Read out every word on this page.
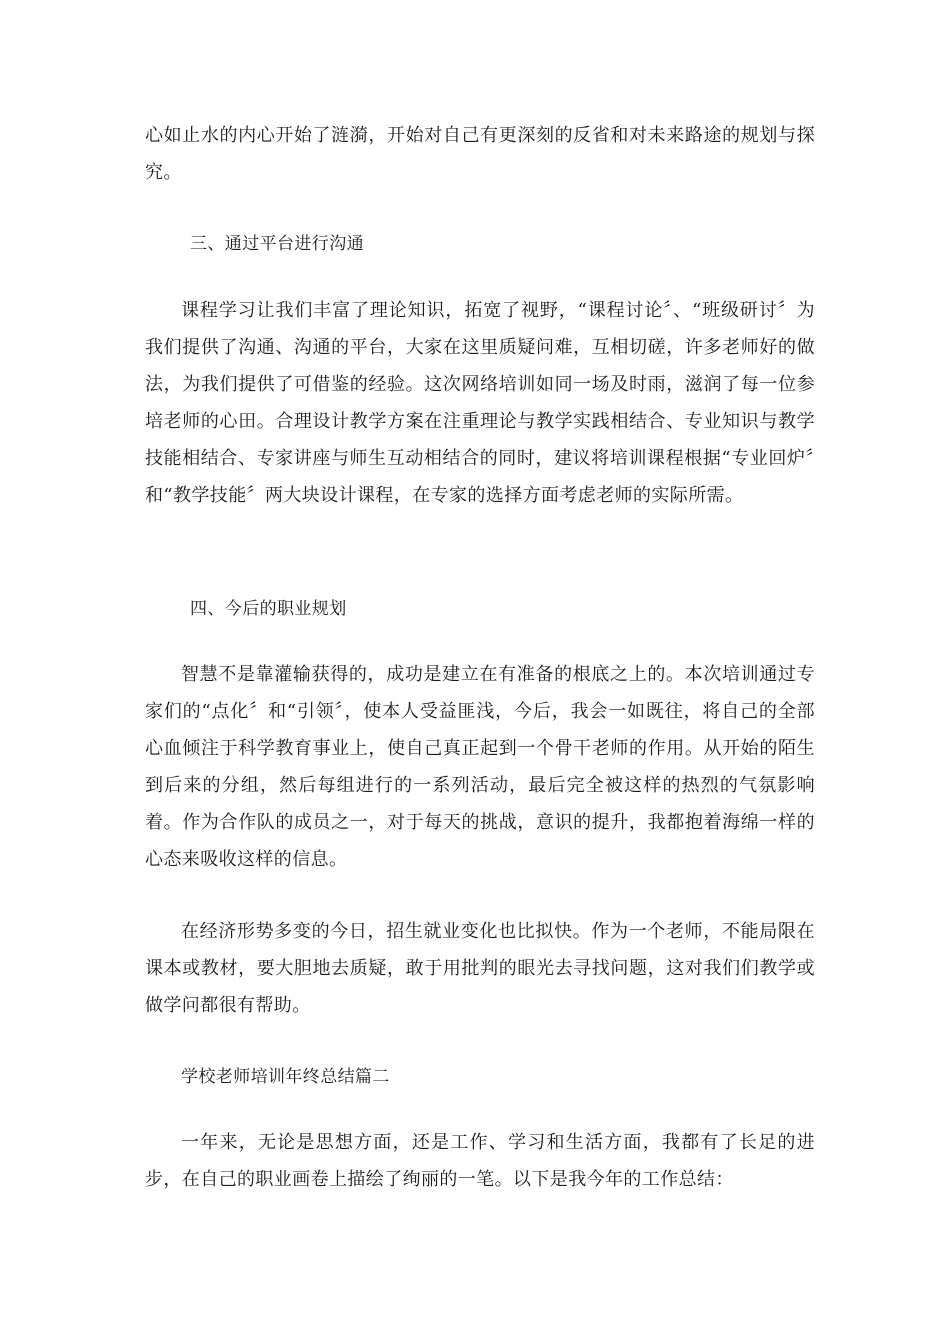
心如止水的内心开始了涟漪，开始对自己有更深刻的反省和对未来路途的规划与探究。

三、通过平台进行沟通

课程学习让我们丰富了理论知识，拓宽了视野，“课程讨论〞、“班级研讨〞为我们提供了沟通、沟通的平台，大家在这里质疑问难，互相切磋，许多老师好的做法，为我们提供了可借鉴的经验。这次网络培训如同一场及时雨，滋润了每一位参培老师的心田。合理设计教学方案在注重理论与教学实践相结合、专业知识与教学技能相结合、专家讲座与师生互动相结合的同时，建议将培训课程根据“专业回炉〞和“教学技能〞两大块设计课程，在专家的选择方面考虑老师的实际所需。

四、今后的职业规划

智慧不是靠灌输获得的，成功是建立在有准备的根底之上的。本次培训通过专家们的“点化〞和“引领〞，使本人受益匪浅，今后，我会一如既往，将自己的全部心血倾注于科学教育事业上，使自己真正起到一个骨干老师的作用。从开始的陌生到后来的分组，然后每组进行的一系列活动，最后完全被这样的热烈的气氛影响着。作为合作队的成员之一，对于每天的挑战，意识的提升，我都抱着海绵一样的心态来吸收这样的信息。

在经济形势多变的今日，招生就业变化也比拟快。作为一个老师，不能局限在课本或教材，要大胆地去质疑，敢于用批判的眼光去寻找问题，这对我们们教学或做学问都很有帮助。

学校老师培训年终总结篇二

一年来，无论是思想方面，还是工作、学习和生活方面，我都有了长足的进步，在自己的职业画卷上描绘了绚丽的一笔。以下是我今年的工作总结：
